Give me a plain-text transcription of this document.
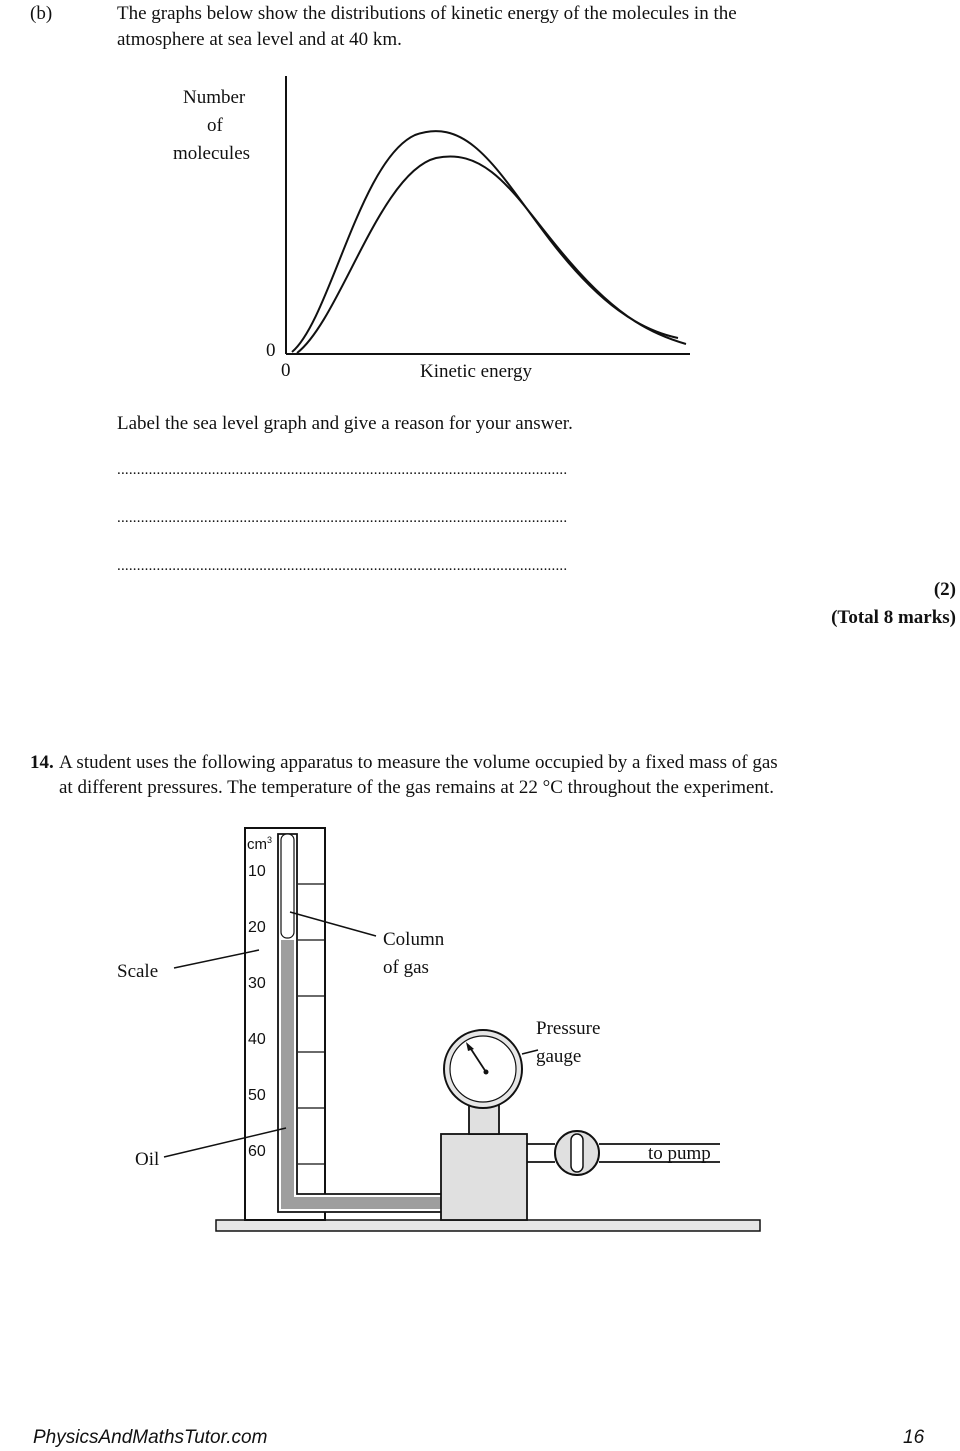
(b)	The graphs below show the distributions of kinetic energy of the molecules in the
atmosphere at sea level and at 40 km.
Number
of
molecules
0
0	Kinetic energy
Label the sea level graph and give a reason for your answer.
..................................................................................................................
..................................................................................................................
..................................................................................................................
(2)
(Total 8 marks)
14. A student uses the following apparatus to measure the volume occupied by a fixed mass of gas
at different pressures. The temperature of the gas remains at 22 °C throughout the experiment.
$cm^3$
10
20
30
40
50
60
Scale
Column
of gas
Pressure
gauge
Oil	to pump
PhysicsAndMathsTutor.com	16
